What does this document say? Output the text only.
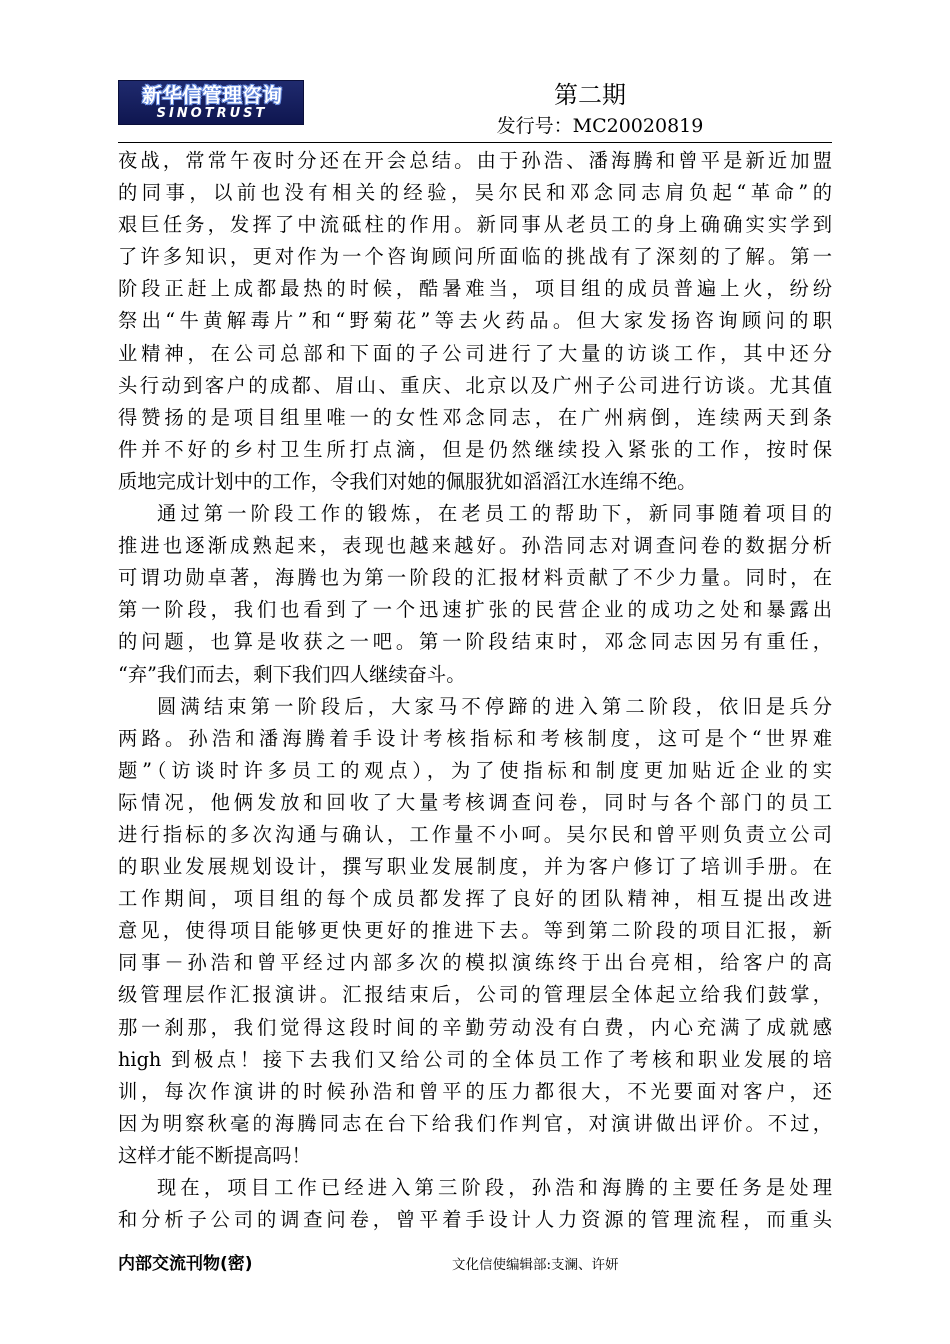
新华信管理咨询
SINOTRUST
第二期
发行号：MC20020819
夜战，常常午夜时分还在开会总结。由于孙浩、潘海腾和曾平是新近加盟
的同事，以前也没有相关的经验，吴尔民和邓念同志肩负起“革命”的
艰巨任务，发挥了中流砥柱的作用。新同事从老员工的身上确确实实学到
了许多知识，更对作为一个咨询顾问所面临的挑战有了深刻的了解。第一
阶段正赶上成都最热的时候，酷暑难当，项目组的成员普遍上火，纷纷
祭出“牛黄解毒片”和“野菊花”等去火药品。但大家发扬咨询顾问的职
业精神，在公司总部和下面的子公司进行了大量的访谈工作，其中还分
头行动到客户的成都、眉山、重庆、北京以及广州子公司进行访谈。尤其值
得赞扬的是项目组里唯一的女性邓念同志，在广州病倒，连续两天到条
件并不好的乡村卫生所打点滴，但是仍然继续投入紧张的工作，按时保
质地完成计划中的工作，令我们对她的佩服犹如滔滔江水连绵不绝。
通过第一阶段工作的锻炼，在老员工的帮助下，新同事随着项目的
推进也逐渐成熟起来，表现也越来越好。孙浩同志对调查问卷的数据分析
可谓功勋卓著，海腾也为第一阶段的汇报材料贡献了不少力量。同时，在
第一阶段，我们也看到了一个迅速扩张的民营企业的成功之处和暴露出
的问题，也算是收获之一吧。第一阶段结束时，邓念同志因另有重任，
“弃”我们而去，剩下我们四人继续奋斗。
圆满结束第一阶段后，大家马不停蹄的进入第二阶段，依旧是兵分
两路。孙浩和潘海腾着手设计考核指标和考核制度，这可是个“世界难
题”（访谈时许多员工的观点），为了使指标和制度更加贴近企业的实
际情况，他俩发放和回收了大量考核调查问卷，同时与各个部门的员工
进行指标的多次沟通与确认，工作量不小呵。吴尔民和曾平则负责立公司
的职业发展规划设计，撰写职业发展制度，并为客户修订了培训手册。在
工作期间，项目组的每个成员都发挥了良好的团队精神，相互提出改进
意见，使得项目能够更快更好的推进下去。等到第二阶段的项目汇报，新
同事－孙浩和曾平经过内部多次的模拟演练终于出台亮相，给客户的高
级管理层作汇报演讲。汇报结束后，公司的管理层全体起立给我们鼓掌，
那一刹那，我们觉得这段时间的辛勤劳动没有白费，内心充满了成就感
high 到极点！接下去我们又给公司的全体员工作了考核和职业发展的培
训，每次作演讲的时候孙浩和曾平的压力都很大，不光要面对客户，还
因为明察秋毫的海腾同志在台下给我们作判官，对演讲做出评价。不过，
这样才能不断提高吗！
现在，项目工作已经进入第三阶段，孙浩和海腾的主要任务是处理
和分析子公司的调查问卷，曾平着手设计人力资源的管理流程，而重头
内部交流刊物(密)	文化信使编辑部:支澜、许妍
